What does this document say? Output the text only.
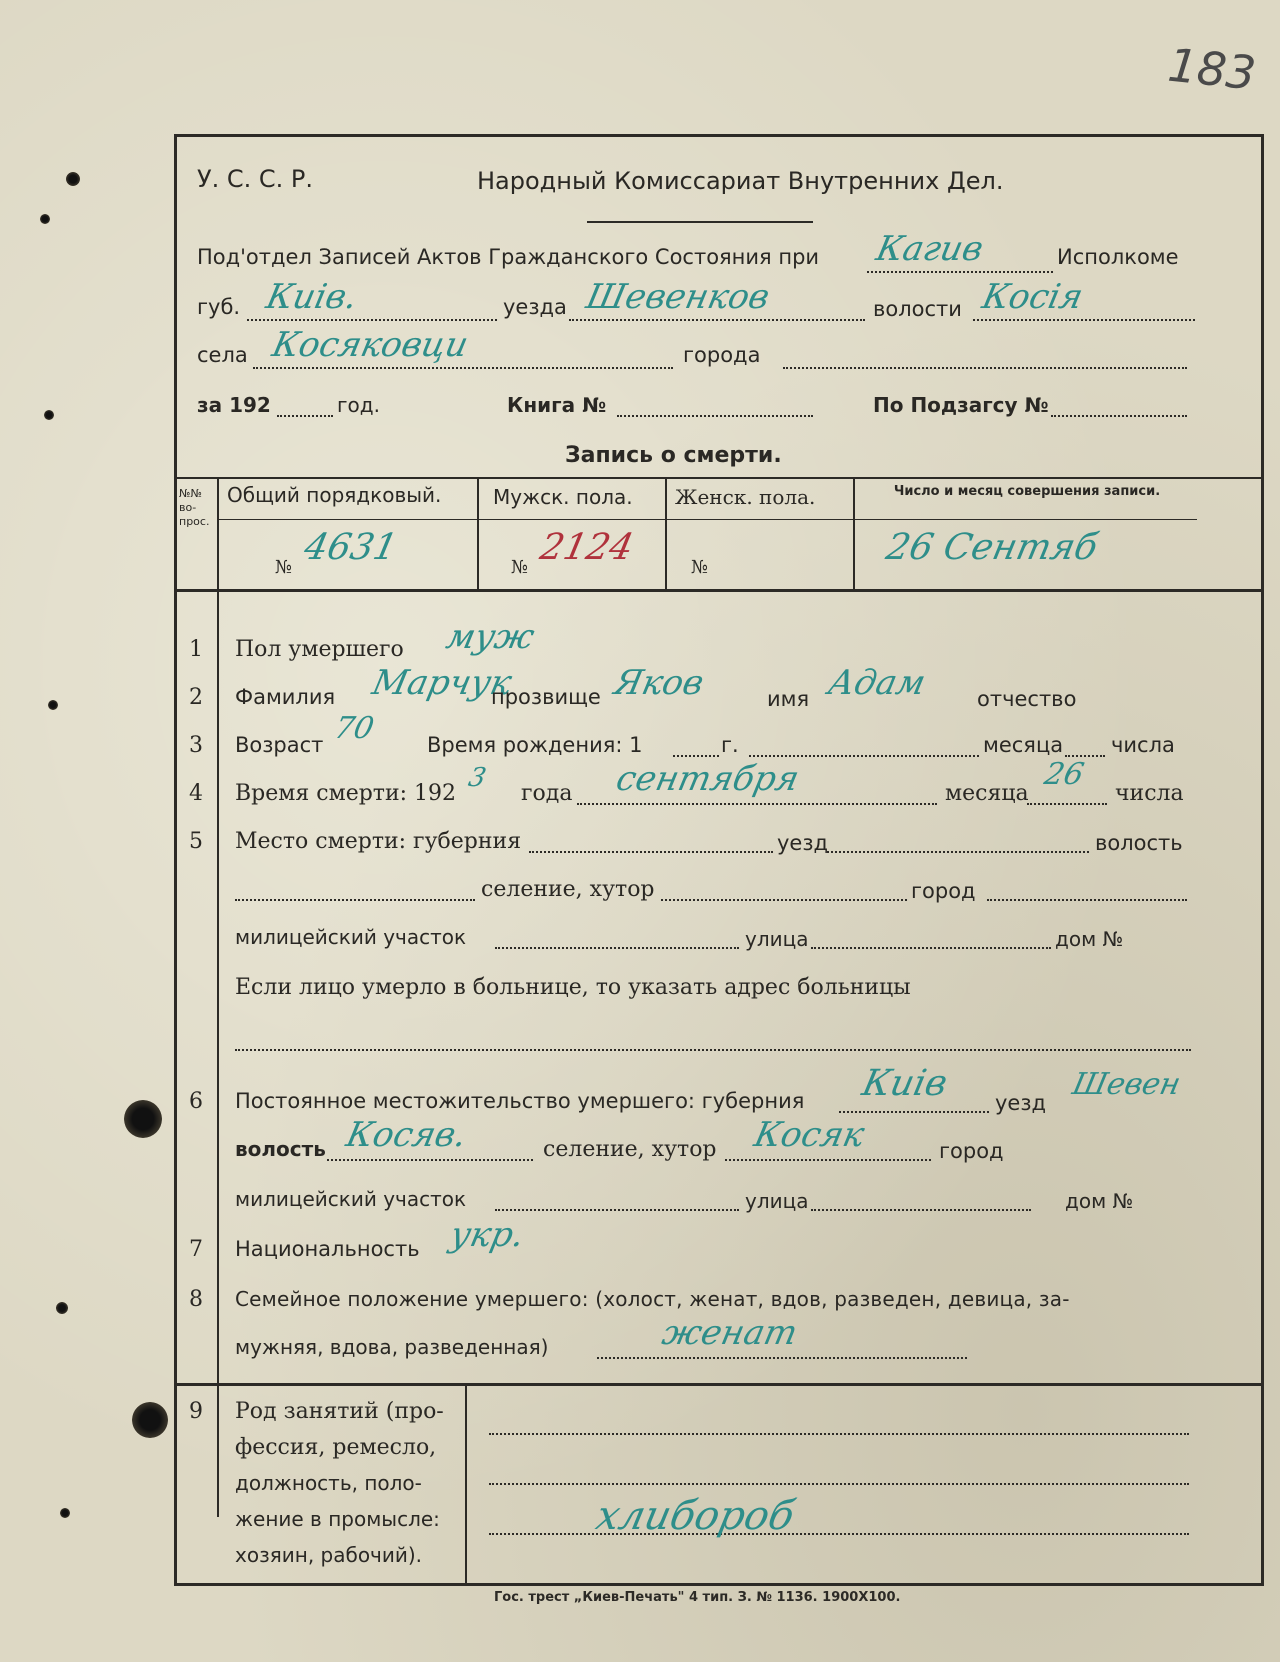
183
У. С. С. Р.	Народный Комиссариат Внутренних Дел.
Под'отдел Записей Актов Гражданского Состояния при Кагив	Исполкоме
губ. Киiв.	уезда Шевенков	волости Косiя
села Косяковци	города
за 192	год.	Книга №	По Подзагсу №
Запись о смерти.
№№ во- прос.
Общий порядковый.	Мужск. пола. Женск. пола.	Число и месяц совершения записи.
№ 4631	№ 2124	№	26 Сентяб
1 Пол умершего муж
2 Фамилия Марчук
прозвище Яков	имя Адам отчество
3 Возраст 70 Время рождения: 1	г.	месяца числа
4 Время смерти: 192
3
года сентября	месяца
26
числа
5 Место смерти: губерния	уезд	волость
селение, хутор	город
милицейский участок	улица	дом №
Если лицо умерло в больнице, то указать адрес больницы
6 Постоянное местожительство умершего: губерния Киiв уезд
Шевен
волость Косяв.	селение, хутор Косяк	город
милицейский участок	улица	дом №
7 Национальность укр.
8 Семейное положение умершего: (холост, женат, вдов, разведен, девица, за-
мужняя, вдова, разведенная)	женат
9 Род занятий (про-
фессия, ремесло,
должность, поло-
жение в промысле:
хозяин, рабочий).
хлибороб
Гос. трест „Киев-Печать" 4 тип. З. № 1136. 1900Х100.
